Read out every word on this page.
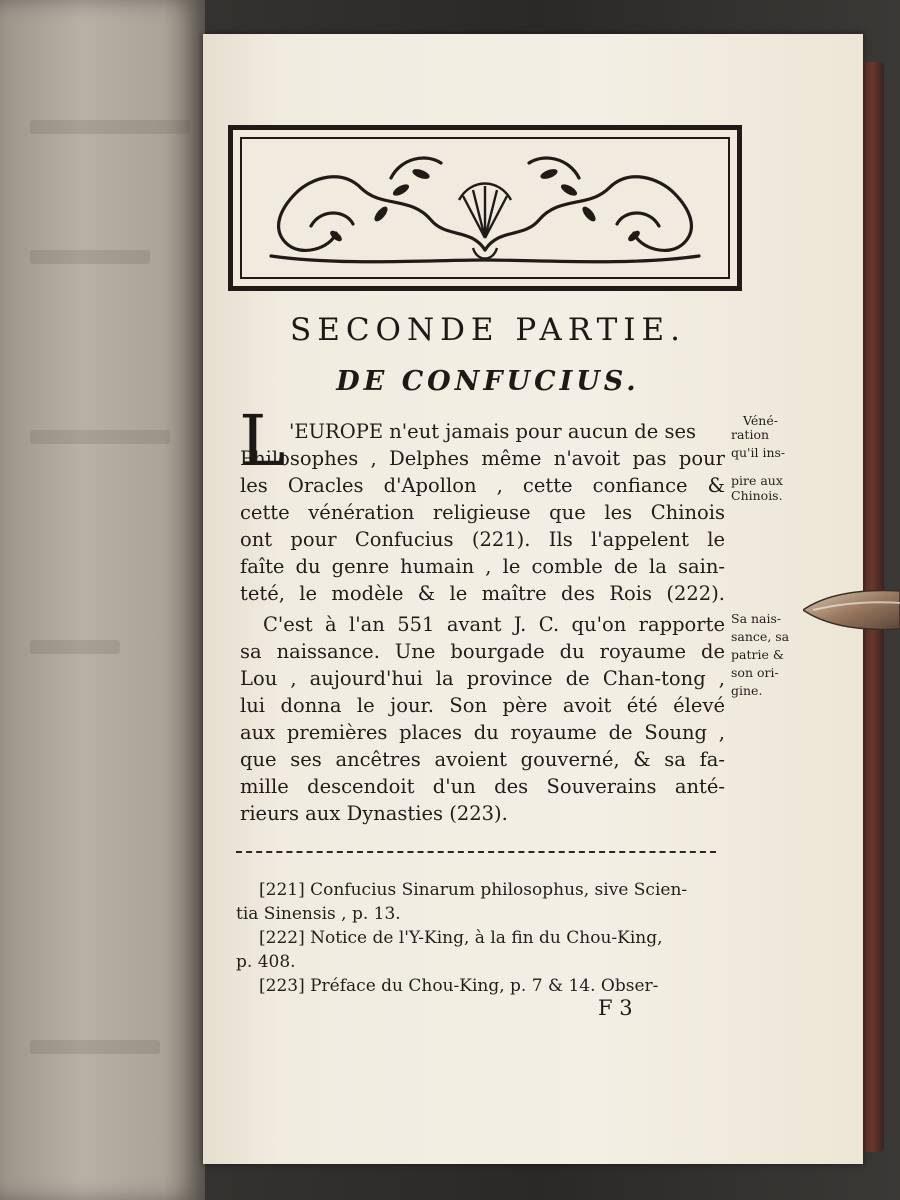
SECONDE PARTIE.
DE CONFUCIUS.
L 'EUROPE n'eut jamais pour aucun de ses
Philosophes , Delphes même n'avoit pas pour
les Oracles d'Apollon , cette confiance &
cette vénération religieuse que les Chinois
ont pour Confucius (221). Ils l'appelent le
faîte du genre humain , le comble de la sain-
teté, le modèle & le maître des Rois (222).
C'est à l'an 551 avant J. C. qu'on rapporte
sa naissance. Une bourgade du royaume de
Lou , aujourd'hui la province de Chan-tong ,
lui donna le jour. Son père avoit été élevé
aux premières places du royaume de Soung ,
que ses ancêtres avoient gouverné, & sa fa-
mille descendoit d'un des Souverains anté-
rieurs aux Dynasties (223).
Véné-
ration
qu'il ins-
pire aux
Chinois.
Sa nais-
sance, sa
patrie &
son ori-
gine.
[221] Confucius Sinarum philosophus, sive Scien-
tia Sinensis , p. 13.
[222] Notice de l'Y-King, à la fin du Chou-King,
p. 408.
[223] Préface du Chou-King, p. 7 & 14. Obser-
F 3
